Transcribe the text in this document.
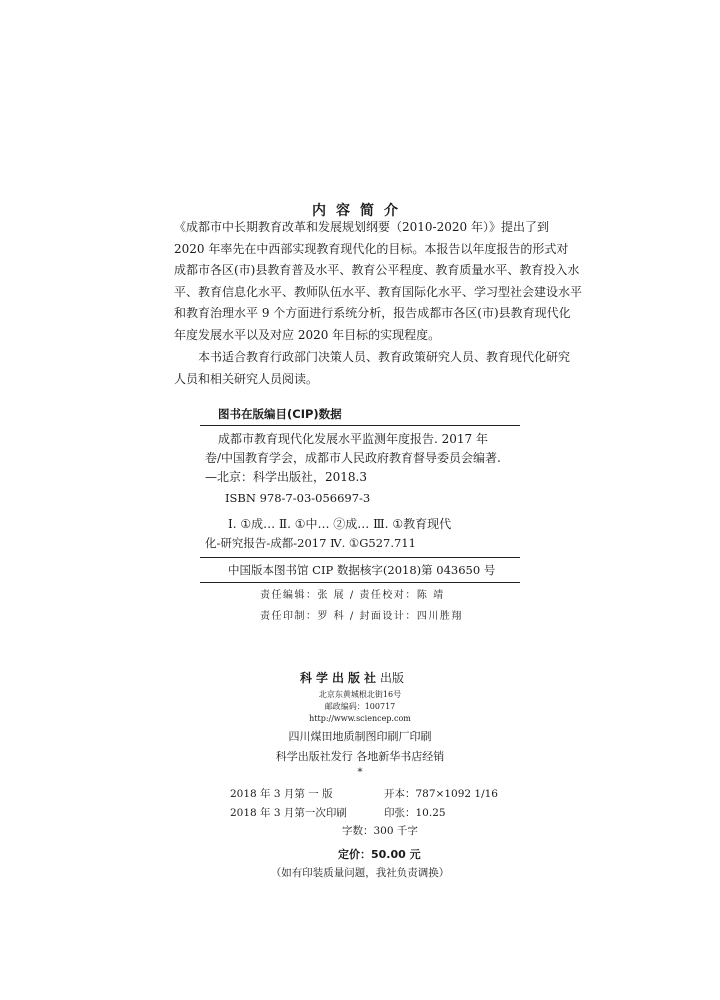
内容简介
《成都市中长期教育改革和发展规划纲要（2010-2020 年）》提出了到
2020 年率先在中西部实现教育现代化的目标。本报告以年度报告的形式对
成都市各区(市)县教育普及水平、教育公平程度、教育质量水平、教育投入水
平、教育信息化水平、教师队伍水平、教育国际化水平、学习型社会建设水平
和教育治理水平 9 个方面进行系统分析，报告成都市各区(市)县教育现代化
年度发展水平以及对应 2020 年目标的实现程度。
本书适合教育行政部门决策人员、教育政策研究人员、教育现代化研究
人员和相关研究人员阅读。
图书在版编目(CIP)数据
成都市教育现代化发展水平监测年度报告. 2017 年
卷/中国教育学会，成都市人民政府教育督导委员会编著.
—北京：科学出版社，2018.3
ISBN 978-7-03-056697-3
Ⅰ. ①成… Ⅱ. ①中… ②成… Ⅲ. ①教育现代
化-研究报告-成都-2017 Ⅳ. ①G527.711
中国版本图书馆 CIP 数据核字(2018)第 043650 号
责任编辑：张 展 / 责任校对：陈 靖
责任印制：罗 科 / 封面设计：四川胜翔
科学出版社出版
北京东黄城根北街16号
邮政编码：100717
http://www.sciencep.com
四川煤田地质制图印刷厂印刷
科学出版社发行 各地新华书店经销
*
2018 年 3 月第 一 版	开本：787×1092 1/16
2018 年 3 月第一次印刷	印张：10.25
字数：300 千字
定价：50.00 元
（如有印装质量问题，我社负责调换）
